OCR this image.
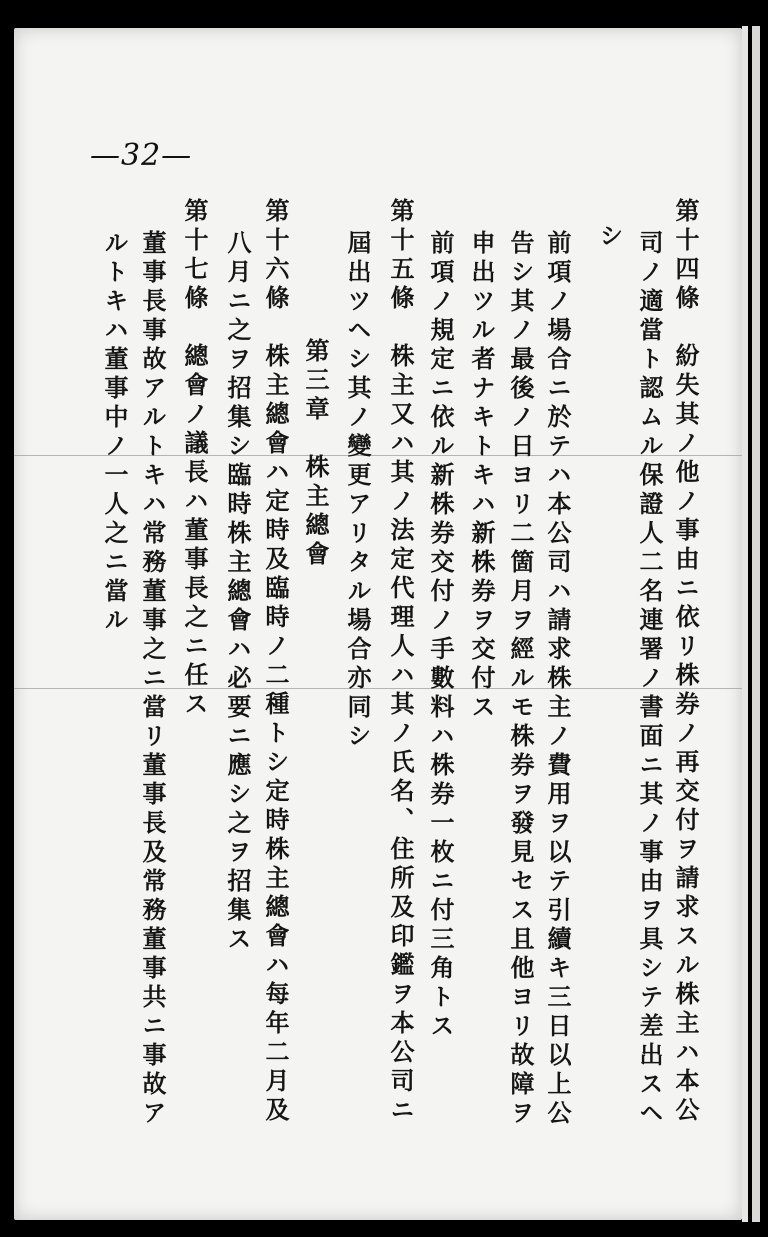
—32—
第十四條　紛失其ノ他ノ事由ニ依リ株券ノ再交付ヲ請求スル株主ハ本公
司ノ適當ト認ムル保證人二名連署ノ書面ニ其ノ事由ヲ具シテ差出スヘ
シ
前項ノ場合ニ於テハ本公司ハ請求株主ノ費用ヲ以テ引續キ三日以上公
告シ其ノ最後ノ日ヨリ二箇月ヲ經ルモ株券ヲ發見セス且他ヨリ故障ヲ
申出ツル者ナキトキハ新株券ヲ交付ス
前項ノ規定ニ依ル新株券交付ノ手數料ハ株券一枚ニ付三角トス
第十五條　株主又ハ其ノ法定代理人ハ其ノ氏名、住所及印鑑ヲ本公司ニ
屆出ツヘシ其ノ變更アリタル場合亦同シ
第三章　株主總會
第十六條　株主總會ハ定時及臨時ノ二種トシ定時株主總會ハ每年二月及
八月ニ之ヲ招集シ臨時株主總會ハ必要ニ應シ之ヲ招集ス
第十七條　總會ノ議長ハ董事長之ニ任ス
董事長事故アルトキハ常務董事之ニ當リ董事長及常務董事共ニ事故ア
ルトキハ董事中ノ一人之ニ當ル
